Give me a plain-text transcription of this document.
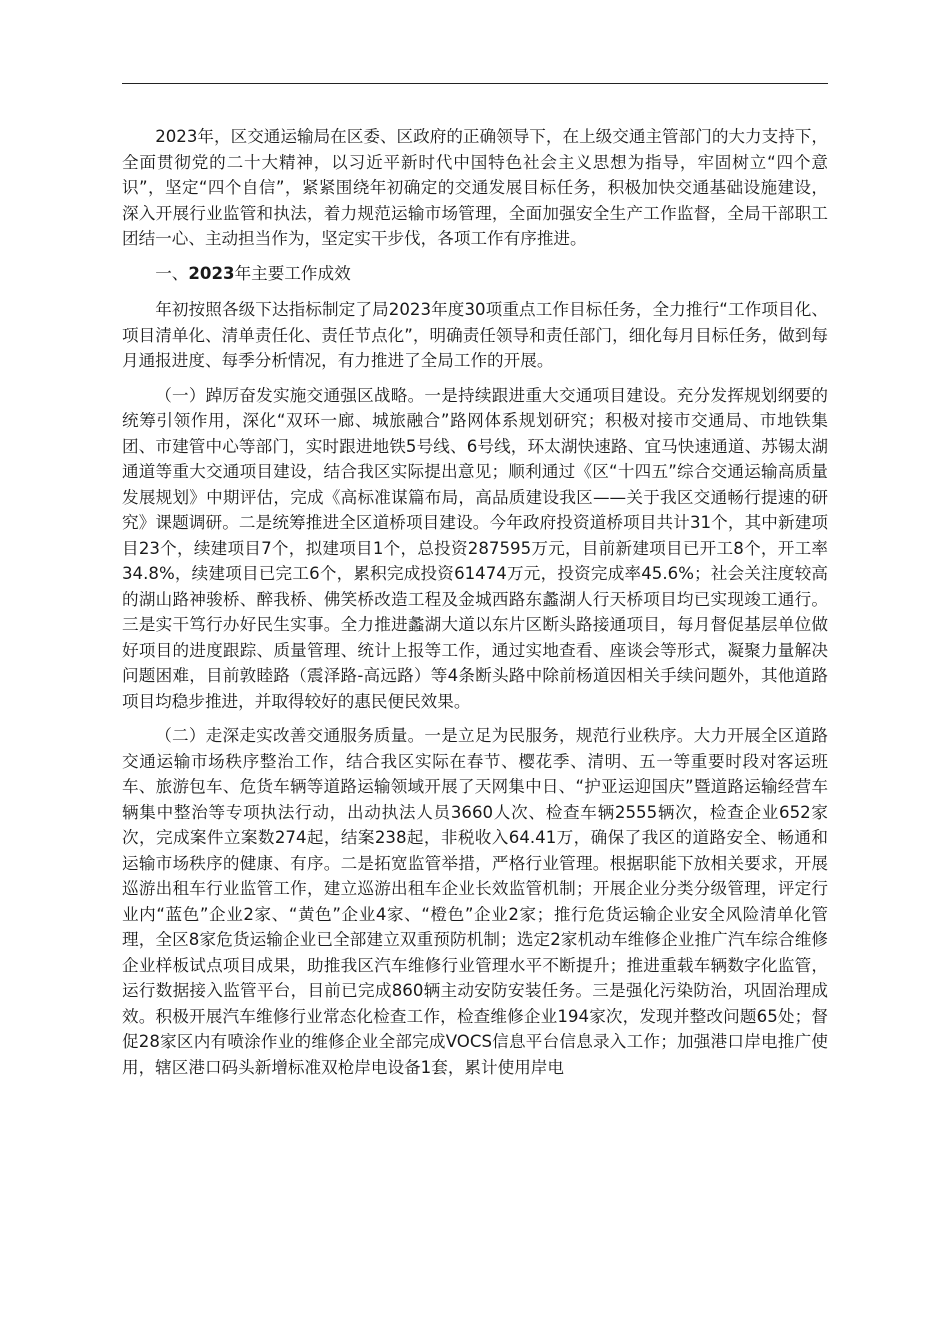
2023年，区交通运输局在区委、区政府的正确领导下，在上级交通主管部门的大力支持下，全面贯彻党的二十大精神，以习近平新时代中国特色社会主义思想为指导，牢固树立“四个意识”，坚定“四个自信”，紧紧围绕年初确定的交通发展目标任务，积极加快交通基础设施建设，深入开展行业监管和执法，着力规范运输市场管理，全面加强安全生产工作监督，全局干部职工团结一心、主动担当作为，坚定实干步伐，各项工作有序推进。

一、2023年主要工作成效

年初按照各级下达指标制定了局2023年度30项重点工作目标任务，全力推行“工作项目化、项目清单化、清单责任化、责任节点化”，明确责任领导和责任部门，细化每月目标任务，做到每月通报进度、每季分析情况，有力推进了全局工作的开展。

（一）踔厉奋发实施交通强区战略。一是持续跟进重大交通项目建设。充分发挥规划纲要的统筹引领作用，深化“双环一廊、城旅融合”路网体系规划研究；积极对接市交通局、市地铁集团、市建管中心等部门，实时跟进地铁5号线、6号线，环太湖快速路、宜马快速通道、苏锡太湖通道等重大交通项目建设，结合我区实际提出意见；顺利通过《区“十四五”综合交通运输高质量发展规划》中期评估，完成《高标准谋篇布局，高品质建设我区——关于我区交通畅行提速的研究》课题调研。二是统筹推进全区道桥项目建设。今年政府投资道桥项目共计31个，其中新建项目23个，续建项目7个，拟建项目1个，总投资287595万元，目前新建项目已开工8个，开工率34.8%，续建项目已完工6个，累积完成投资61474万元，投资完成率45.6%；社会关注度较高的湖山路神骏桥、醉我桥、佛笑桥改造工程及金城西路东蠡湖人行天桥项目均已实现竣工通行。三是实干笃行办好民生实事。全力推进蠡湖大道以东片区断头路接通项目，每月督促基层单位做好项目的进度跟踪、质量管理、统计上报等工作，通过实地查看、座谈会等形式，凝聚力量解决问题困难，目前敦睦路（震泽路-高远路）等4条断头路中除前杨道因相关手续问题外，其他道路项目均稳步推进，并取得较好的惠民便民效果。

（二）走深走实改善交通服务质量。一是立足为民服务，规范行业秩序。大力开展全区道路交通运输市场秩序整治工作，结合我区实际在春节、樱花季、清明、五一等重要时段对客运班车、旅游包车、危货车辆等道路运输领域开展了天网集中日、“护亚运迎国庆”暨道路运输经营车辆集中整治等专项执法行动，出动执法人员3660人次、检查车辆2555辆次，检查企业652家次，完成案件立案数274起，结案238起，非税收入64.41万，确保了我区的道路安全、畅通和运输市场秩序的健康、有序。二是拓宽监管举措，严格行业管理。根据职能下放相关要求，开展巡游出租车行业监管工作，建立巡游出租车企业长效监管机制；开展企业分类分级管理，评定行业内“蓝色”企业2家、“黄色”企业4家、“橙色”企业2家；推行危货运输企业安全风险清单化管理，全区8家危货运输企业已全部建立双重预防机制；选定2家机动车维修企业推广汽车综合维修企业样板试点项目成果，助推我区汽车维修行业管理水平不断提升；推进重载车辆数字化监管，运行数据接入监管平台，目前已完成860辆主动安防安装任务。三是强化污染防治，巩固治理成效。积极开展汽车维修行业常态化检查工作，检查维修企业194家次，发现并整改问题65处；督促28家区内有喷涂作业的维修企业全部完成VOCS信息平台信息录入工作；加强港口岸电推广使用，辖区港口码头新增标准双枪岸电设备1套，累计使用岸电
